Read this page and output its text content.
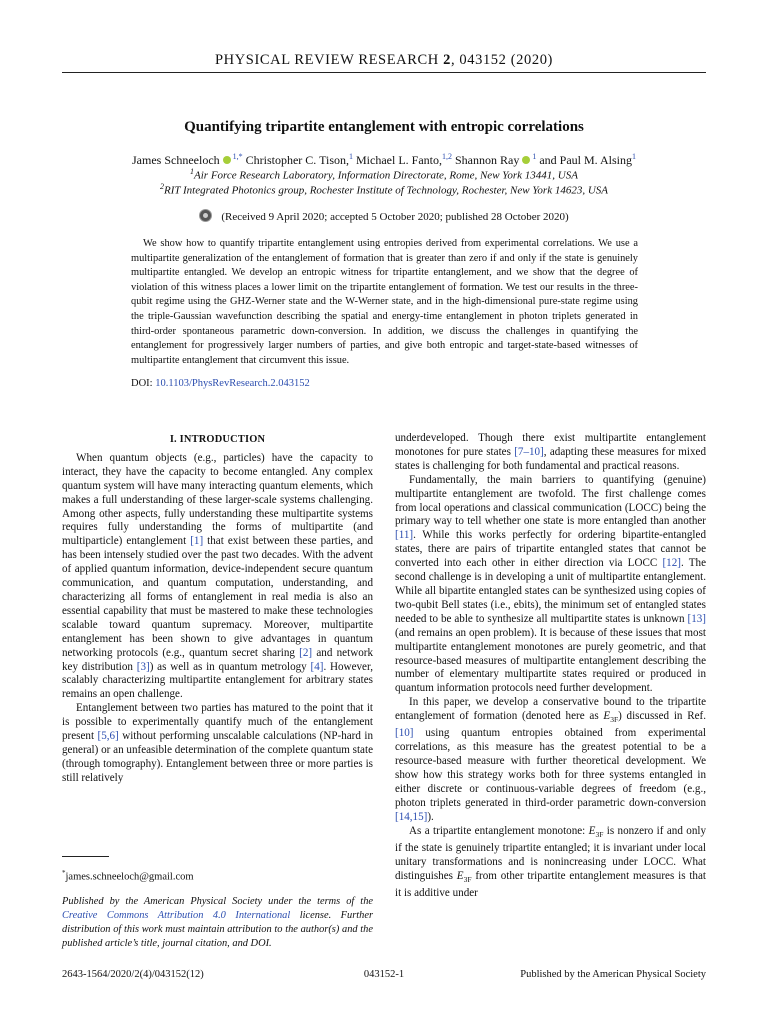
PHYSICAL REVIEW RESEARCH 2, 043152 (2020)
Quantifying tripartite entanglement with entropic correlations
James Schneeloch $^{1,*}$ Christopher C. Tison,$^1$ Michael L. Fanto,$^{1,2}$ Shannon Ray $^1$ and Paul M. Alsing$^1$
$^1$Air Force Research Laboratory, Information Directorate, Rome, New York 13441, USA
$^2$RIT Integrated Photonics group, Rochester Institute of Technology, Rochester, New York 14623, USA
(Received 9 April 2020; accepted 5 October 2020; published 28 October 2020)
We show how to quantify tripartite entanglement using entropies derived from experimental correlations. We use a multipartite generalization of the entanglement of formation that is greater than zero if and only if the state is genuinely multipartite entangled. We develop an entropic witness for tripartite entanglement, and we show that the degree of violation of this witness places a lower limit on the tripartite entanglement of formation. We test our results in the three-qubit regime using the GHZ-Werner state and the W-Werner state, and in the high-dimensional pure-state regime using the triple-Gaussian wavefunction describing the spatial and energy-time entanglement in photon triplets generated in third-order spontaneous parametric down-conversion. In addition, we discuss the challenges in quantifying the entanglement for progressively larger numbers of parties, and give both entropic and target-state-based witnesses of multipartite entanglement that circumvent this issue.
DOI: 10.1103/PhysRevResearch.2.043152
I. INTRODUCTION

When quantum objects (e.g., particles) have the capacity to interact, they have the capacity to become entangled. Any complex quantum system will have many interacting quantum elements, which makes a full understanding of these larger-scale systems challenging. Among other aspects, fully understanding these multipartite systems requires fully understanding the forms of multipartite (and multiparticle) entanglement [1] that exist between these parties, and has been intensely studied over the past two decades. With the advent of applied quantum information, device-independent secure quantum communication, and quantum computation, understanding, and characterizing all forms of entanglement in real media is also an essential capability that must be mastered to make these technologies scalable toward quantum supremacy. Moreover, multipartite entanglement has been shown to give advantages in quantum networking protocols (e.g., quantum secret sharing [2] and network key distribution [3]) as well as in quantum metrology [4]. However, scalably characterizing multipartite entanglement for arbitrary states remains an open challenge.

Entanglement between two parties has matured to the point that it is possible to experimentally quantify much of the entanglement present [5,6] without performing unscalable calculations (NP-hard in general) or an unfeasible determination of the complete quantum state (through tomography). Entanglement between three or more parties is still relatively

underdeveloped. Though there exist multipartite entanglement monotones for pure states [7–10], adapting these measures for mixed states is challenging for both fundamental and practical reasons.

Fundamentally, the main barriers to quantifying (genuine) multipartite entanglement are twofold. The first challenge comes from local operations and classical communication (LOCC) being the primary way to tell whether one state is more entangled than another [11]. While this works perfectly for ordering bipartite-entangled states, there are pairs of tripartite entangled states that cannot be converted into each other in either direction via LOCC [12]. The second challenge is in developing a unit of multipartite entanglement. While all bipartite entangled states can be synthesized using copies of two-qubit Bell states (i.e., ebits), the minimum set of entangled states needed to be able to synthesize all multipartite states is unknown [13] (and remains an open problem). It is because of these issues that most multipartite entanglement monotones are purely geometric, and that resource-based measures of multipartite entanglement describing the number of elementary multipartite states required or produced in quantum information protocols need further development.

In this paper, we develop a conservative bound to the tripartite entanglement of formation (denoted here as $E_{3F}$) discussed in Ref. [10] using quantum entropies obtained from experimental correlations, as this measure has the greatest potential to be a resource-based measure with further theoretical development. We show how this strategy works both for three systems entangled in either discrete or continuous-variable degrees of freedom (e.g., photon triplets generated in third-order parametric down-conversion [14,15]).

As a tripartite entanglement monotone: $E_{3F}$ is nonzero if and only if the state is genuinely tripartite entangled; it is invariant under local unitary transformations and is nonincreasing under LOCC. What distinguishes $E_{3F}$ from other tripartite entanglement measures is that it is additive under

*james.schneeloch@gmail.com
Published by the American Physical Society under the terms of the Creative Commons Attribution 4.0 International license. Further distribution of this work must maintain attribution to the author(s) and the published article’s title, journal citation, and DOI.
2643-1564/2020/2(4)/043152(12)	043152-1	Published by the American Physical Society
